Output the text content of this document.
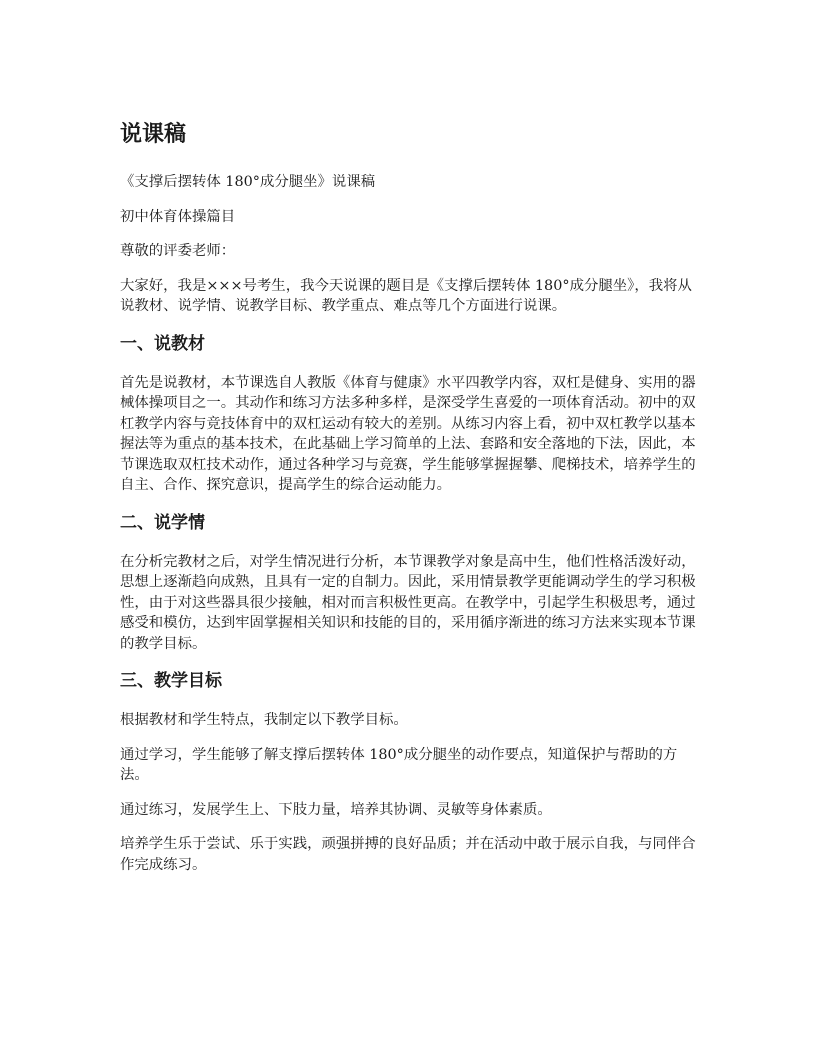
说课稿

《支撑后摆转体 180°成分腿坐》说课稿

初中体育体操篇目

尊敬的评委老师：

大家好，我是×××号考生，我今天说课的题目是《支撑后摆转体 180°成分腿坐》，我将从说教材、说学情、说教学目标、教学重点、难点等几个方面进行说课。

一、说教材

首先是说教材，本节课选自人教版《体育与健康》水平四教学内容，双杠是健身、实用的器械体操项目之一。其动作和练习方法多种多样，是深受学生喜爱的一项体育活动。初中的双杠教学内容与竞技体育中的双杠运动有较大的差别。从练习内容上看，初中双杠教学以基本握法等为重点的基本技术，在此基础上学习简单的上法、套路和安全落地的下法，因此，本节课选取双杠技术动作，通过各种学习与竞赛，学生能够掌握握攀、爬梯技术，培养学生的自主、合作、探究意识，提高学生的综合运动能力。

二、说学情

在分析完教材之后，对学生情况进行分析，本节课教学对象是高中生，他们性格活泼好动，思想上逐渐趋向成熟，且具有一定的自制力。因此，采用情景教学更能调动学生的学习积极性，由于对这些器具很少接触，相对而言积极性更高。在教学中，引起学生积极思考，通过感受和模仿，达到牢固掌握相关知识和技能的目的，采用循序渐进的练习方法来实现本节课的教学目标。

三、教学目标

根据教材和学生特点，我制定以下教学目标。

通过学习，学生能够了解支撑后摆转体 180°成分腿坐的动作要点，知道保护与帮助的方法。

通过练习，发展学生上、下肢力量，培养其协调、灵敏等身体素质。

培养学生乐于尝试、乐于实践，顽强拼搏的良好品质；并在活动中敢于展示自我，与同伴合作完成练习。
